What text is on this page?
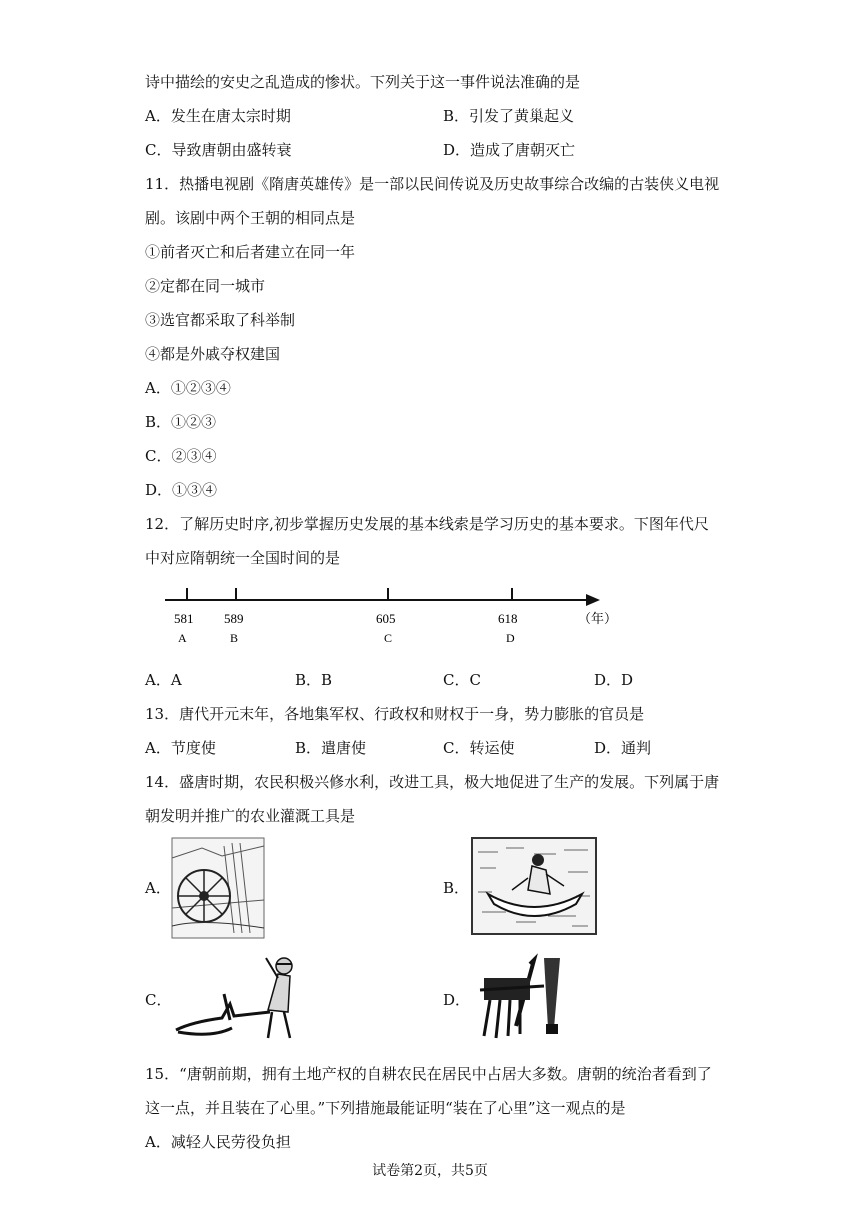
诗中描绘的安史之乱造成的惨状。下列关于这一事件说法准确的是
A．发生在唐太宗时期	B．引发了黄巢起义
C．导致唐朝由盛转衰	D．造成了唐朝灭亡
11．热播电视剧《隋唐英雄传》是一部以民间传说及历史故事综合改编的古装侠义电视
剧。该剧中两个王朝的相同点是
①前者灭亡和后者建立在同一年
②定都在同一城市
③选官都采取了科举制
④都是外戚夺权建国
A．①②③④
B．①②③
C．②③④
D．①③④
12．了解历史时序,初步掌握历史发展的基本线索是学习历史的基本要求。下图年代尺
中对应隋朝统一全国时间的是
581 589	605	618
A	B	C	D
（年）
A．A	B．B	C．C	D．D
13．唐代开元末年，各地集军权、行政权和财权于一身，势力膨胀的官员是
A．节度使	B．遣唐使	C．转运使	D．通判
14．盛唐时期，农民积极兴修水利，改进工具，极大地促进了生产的发展。下列属于唐
朝发明并推广的农业灌溉工具是
A．	B．
C．	D．
15．“唐朝前期，拥有土地产权的自耕农民在居民中占居大多数。唐朝的统治者看到了
这一点，并且装在了心里。”下列措施最能证明“装在了心里”这一观点的是
A．减轻人民劳役负担
试卷第2页，共5页
